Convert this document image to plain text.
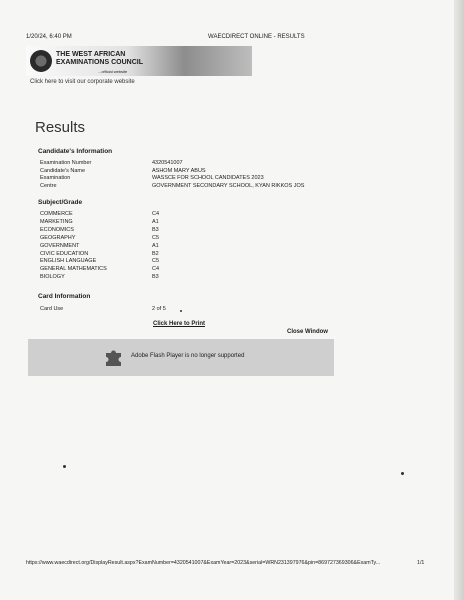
1/20/24, 6:40 PM	WAECDIRECT ONLINE - RESULTS
THE WEST AFRICAN EXAMINATIONS COUNCIL
...official website
Click here to visit our corporate website
Results
Candidate's Information
Examination Number	4320541007
Candidate's Name	ASHOM MARY ABUS
Examination	WASSCE FOR SCHOOL CANDIDATES 2023
Centre	GOVERNMENT SECONDARY SCHOOL, KYAN RIKKOS JOS
Subject/Grade
COMMERCE	C4
MARKETING	A1
ECONOMICS	B3
GEOGRAPHY	C5
GOVERNMENT	A1
CIVIC EDUCATION	B2
ENGLISH LANGUAGE	C5
GENERAL MATHEMATICS	C4
BIOLOGY	B3
Card Information
Card Use	2 of 5
Click Here to Print
Close Window
Adobe Flash Player is no longer supported
https://www.waecdirect.org/DisplayResult.aspx?ExamNumber=4320541007&ExamYear=2023&serial=WRN231397976&pin=869727369306&ExamTy...	1/1
